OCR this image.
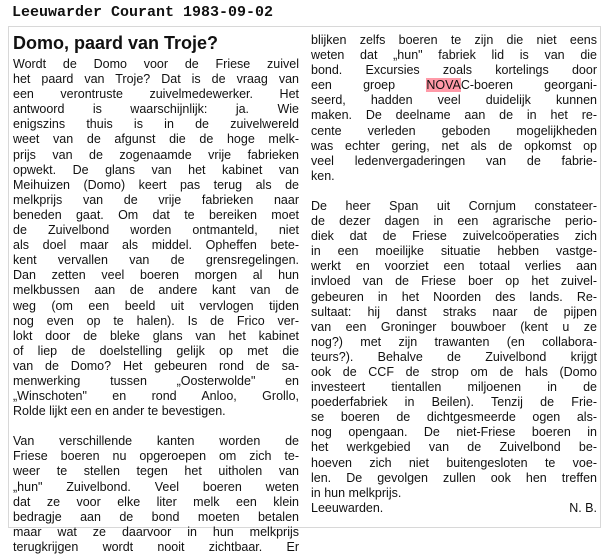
Leeuwarder Courant 1983-09-02
Domo, paard van Troje?
Wordt de Domo voor de Friese zuivel
het paard van Troje? Dat is de vraag van
een verontruste zuivelmedewerker. Het
antwoord is waarschijnlijk: ja. Wie
enigszins thuis is in de zuivelwereld
weet van de afgunst die de hoge melk-
prijs van de zogenaamde vrije fabrieken
opwekt. De glans van het kabinet van
Meihuizen (Domo) keert pas terug als de
melkprijs van de vrije fabrieken naar
beneden gaat. Om dat te bereiken moet
de Zuivelbond worden ontmanteld, niet
als doel maar als middel. Opheffen bete-
kent vervallen van de grensregelingen.
Dan zetten veel boeren morgen al hun
melkbussen aan de andere kant van de
weg (om een beeld uit vervlogen tijden
nog even op te halen). Is de Frico ver-
lokt door de bleke glans van het kabinet
of liep de doelstelling gelijk op met die
van de Domo? Het gebeuren rond de sa-
menwerking tussen „Oosterwolde" en
„Winschoten" en rond Anloo, Grollo,
Rolde lijkt een en ander te bevestigen.
Van verschillende kanten worden de
Friese boeren nu opgeroepen om zich te-
weer te stellen tegen het uitholen van
„hun" Zuivelbond. Veel boeren weten
dat ze voor elke liter melk een klein
bedragje aan de bond moeten betalen
maar wat ze daarvoor in hun melkprijs
terugkrijgen wordt nooit zichtbaar. Er
blijken zelfs boeren te zijn die niet eens
weten dat „hun" fabriek lid is van die
bond. Excursies zoals kortelings door
een groep NOVAC-boeren georgani-
seerd, hadden veel duidelijk kunnen
maken. De deelname aan de in het re-
cente verleden geboden mogelijkheden
was echter gering, net als de opkomst op
veel ledenvergaderingen van de fabrie-
ken.
De heer Span uit Cornjum constateer-
de dezer dagen in een agrarische perio-
diek dat de Friese zuivelcoöperaties zich
in een moeilijke situatie hebben vastge-
werkt en voorziet een totaal verlies aan
invloed van de Friese boer op het zuivel-
gebeuren in het Noorden des lands. Re-
sultaat: hij danst straks naar de pijpen
van een Groninger bouwboer (kent u ze
nog?) met zijn trawanten (en collabora-
teurs?). Behalve de Zuivelbond krijgt
ook de CCF de strop om de hals (Domo
investeert tientallen miljoenen in de
poederfabriek in Beilen). Tenzij de Frie-
se boeren de dichtgesmeerde ogen als-
nog opengaan. De niet-Friese boeren in
het werkgebied van de Zuivelbond be-
hoeven zich niet buitengesloten te voe-
len. De gevolgen zullen ook hen treffen
in hun melkprijs.
Leeuwarden.	N. B.
